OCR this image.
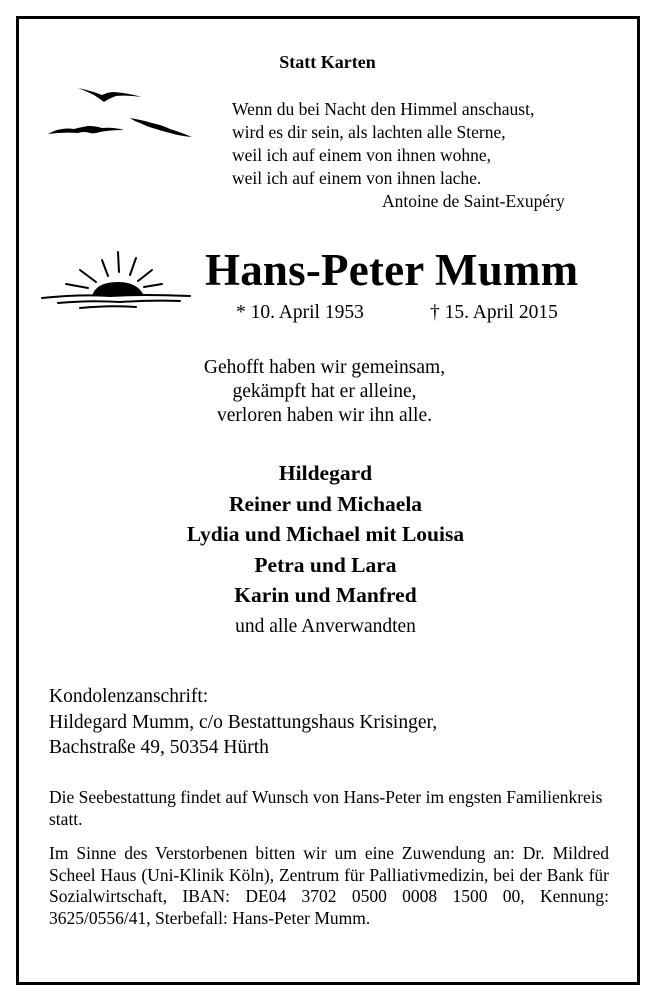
Statt Karten
Wenn du bei Nacht den Himmel anschaust,
wird es dir sein, als lachten alle Sterne,
weil ich auf einem von ihnen wohne,
weil ich auf einem von ihnen lache.
Antoine de Saint-Exupéry
Hans-Peter Mumm
* 10. April 1953	† 15. April 2015
Gehofft haben wir gemeinsam,
gekämpft hat er alleine,
verloren haben wir ihn alle.
Hildegard
Reiner und Michaela
Lydia und Michael mit Louisa
Petra und Lara
Karin und Manfred
und alle Anverwandten
Kondolenzanschrift:
Hildegard Mumm, c/o Bestattungshaus Krisinger,
Bachstraße 49, 50354 Hürth
Die Seebestattung findet auf Wunsch von Hans-Peter im engsten Familienkreis statt.
Im Sinne des Verstorbenen bitten wir um eine Zuwendung an: Dr. Mildred Scheel Haus (Uni-Klinik Köln), Zentrum für Palliativmedizin, bei der Bank für Sozialwirtschaft, IBAN: DE04 3702 0500 0008 1500 00, Kennung: 3625/0556/41, Sterbefall: Hans-Peter Mumm.
